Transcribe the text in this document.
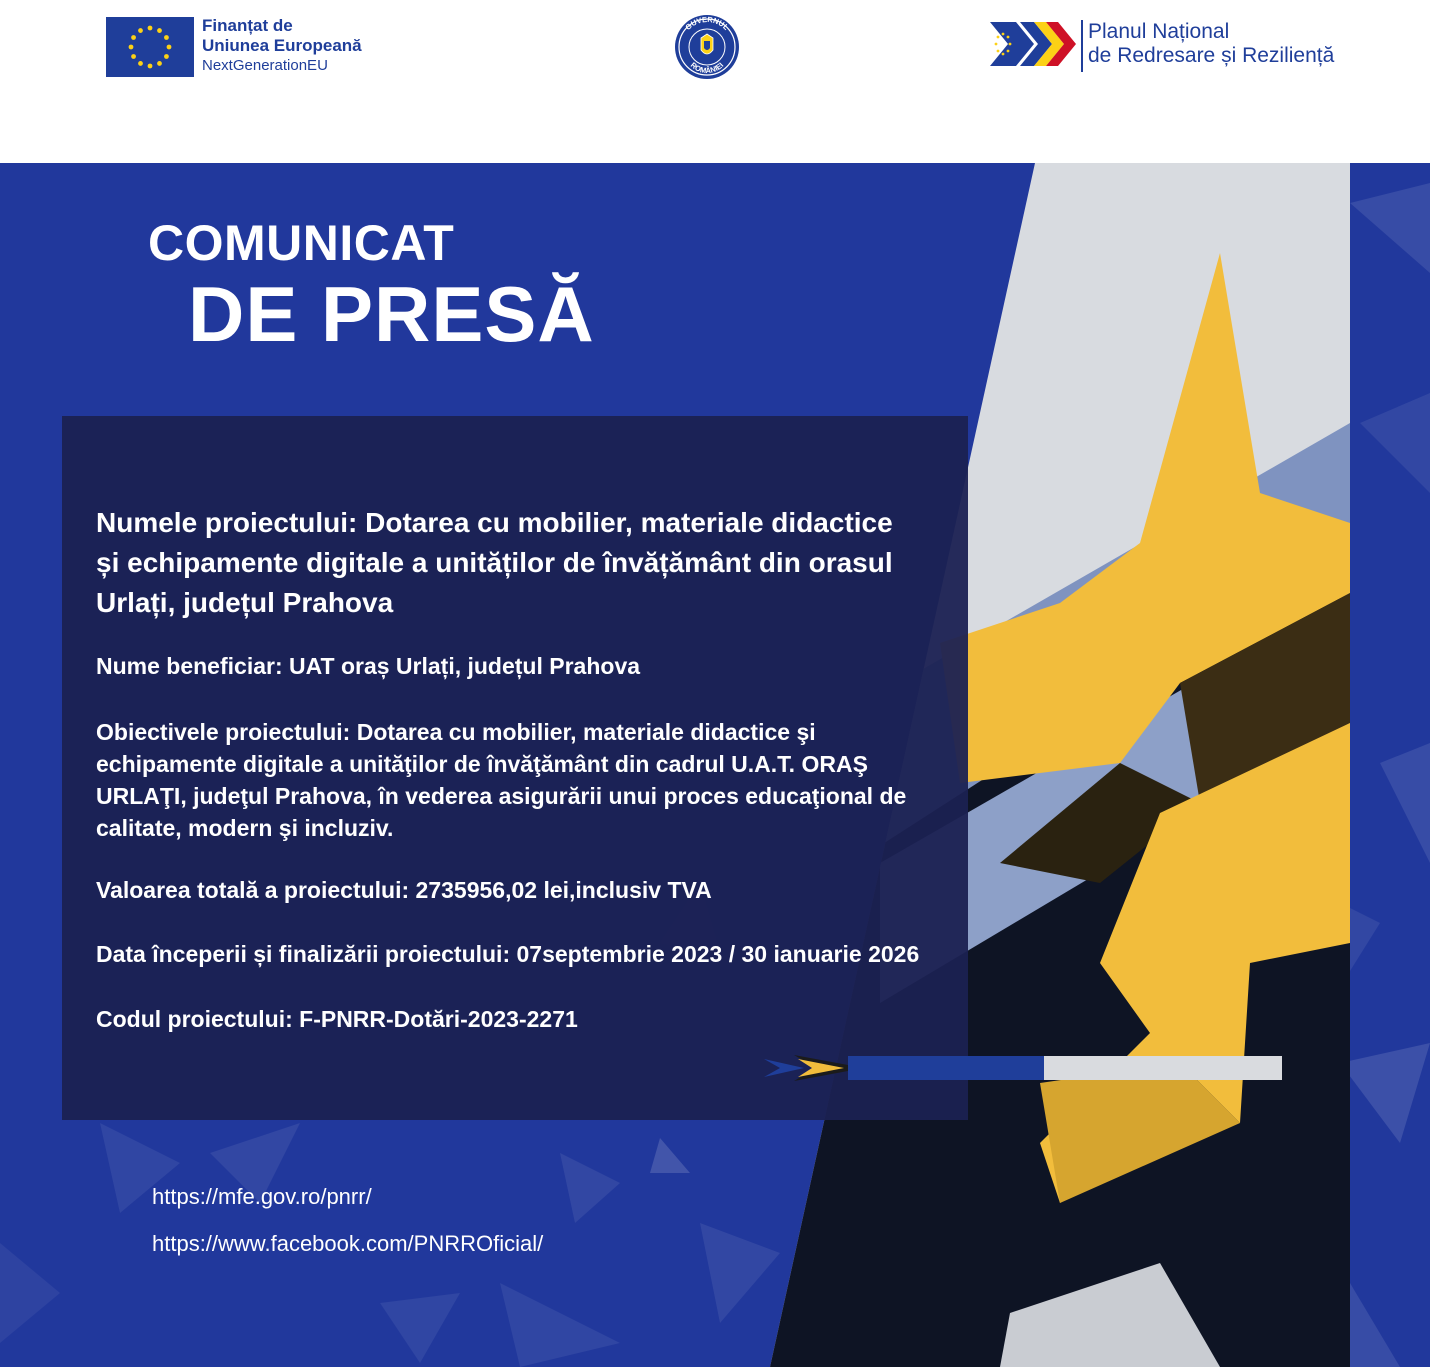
Finanțat de
Uniunea Europeană
NextGenerationEU
GUVERNUL
ROMÂNIEI
Planul Național
de Redresare și Reziliență
COMUNICAT
DE PRESĂ

Numele proiectului: Dotarea cu mobilier, materiale didactice și echipamente digitale a unităților de învățământ din orasul Urlați, județul Prahova

Nume beneficiar: UAT oraș Urlați, județul Prahova

Obiectivele proiectului: Dotarea cu mobilier, materiale didactice şi echipamente digitale a unităţilor de învăţământ din cadrul U.A.T. ORAŞ URLAŢI, judeţul Prahova, în vederea asigurării unui proces educaţional de calitate, modern şi incluziv.

Valoarea totală a proiectului: 2735956,02 lei,inclusiv TVA

Data începerii și finalizării proiectului: 07septembrie 2023 / 30 ianuarie 2026

Codul proiectului: F-PNRR-Dotări-2023-2271

https://mfe.gov.ro/pnrr/
https://www.facebook.com/PNRROficial/
